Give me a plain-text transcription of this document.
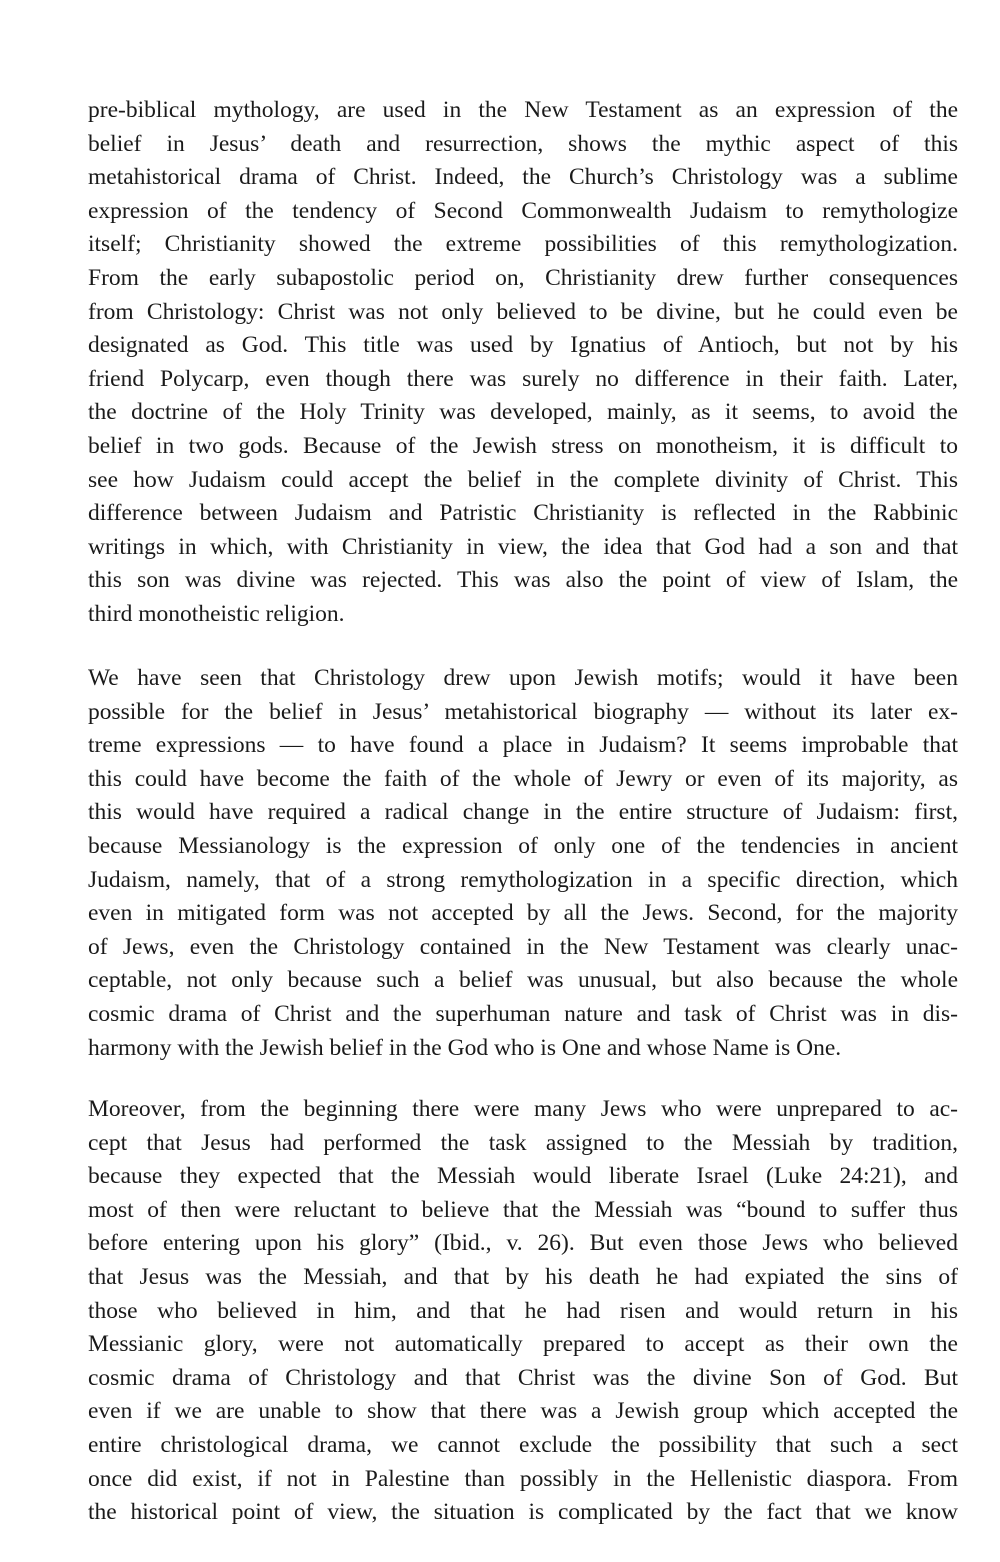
pre-biblical mythology, are used in the New Testament as an expression of the
belief in Jesus’ death and resurrection, shows the mythic aspect of this
metahistorical drama of Christ. Indeed, the Church’s Christology was a sublime
expression of the tendency of Second Commonwealth Judaism to remythologize
itself; Christianity showed the extreme possibilities of this remythologization.
From the early subapostolic period on, Christianity drew further consequences
from Christology: Christ was not only believed to be divine, but he could even be
designated as God. This title was used by Ignatius of Antioch, but not by his
friend Polycarp, even though there was surely no difference in their faith. Later,
the doctrine of the Holy Trinity was developed, mainly, as it seems, to avoid the
belief in two gods. Because of the Jewish stress on monotheism, it is difficult to
see how Judaism could accept the belief in the complete divinity of Christ. This
difference between Judaism and Patristic Christianity is reflected in the Rabbinic
writings in which, with Christianity in view, the idea that God had a son and that
this son was divine was rejected. This was also the point of view of Islam, the
third monotheistic religion.
We have seen that Christology drew upon Jewish motifs; would it have been
possible for the belief in Jesus’ metahistorical biography — without its later ex-
treme expressions — to have found a place in Judaism? It seems improbable that
this could have become the faith of the whole of Jewry or even of its majority, as
this would have required a radical change in the entire structure of Judaism: first,
because Messianology is the expression of only one of the tendencies in ancient
Judaism, namely, that of a strong remythologization in a specific direction, which
even in mitigated form was not accepted by all the Jews. Second, for the majority
of Jews, even the Christology contained in the New Testament was clearly unac-
ceptable, not only because such a belief was unusual, but also because the whole
cosmic drama of Christ and the superhuman nature and task of Christ was in dis-
harmony with the Jewish belief in the God who is One and whose Name is One.
Moreover, from the beginning there were many Jews who were unprepared to ac-
cept that Jesus had performed the task assigned to the Messiah by tradition,
because they expected that the Messiah would liberate Israel (Luke 24:21), and
most of then were reluctant to believe that the Messiah was “bound to suffer thus
before entering upon his glory” (Ibid., v. 26). But even those Jews who believed
that Jesus was the Messiah, and that by his death he had expiated the sins of
those who believed in him, and that he had risen and would return in his
Messianic glory, were not automatically prepared to accept as their own the
cosmic drama of Christology and that Christ was the divine Son of God. But
even if we are unable to show that there was a Jewish group which accepted the
entire christological drama, we cannot exclude the possibility that such a sect
once did exist, if not in Palestine than possibly in the Hellenistic diaspora. From
the historical point of view, the situation is complicated by the fact that we know
